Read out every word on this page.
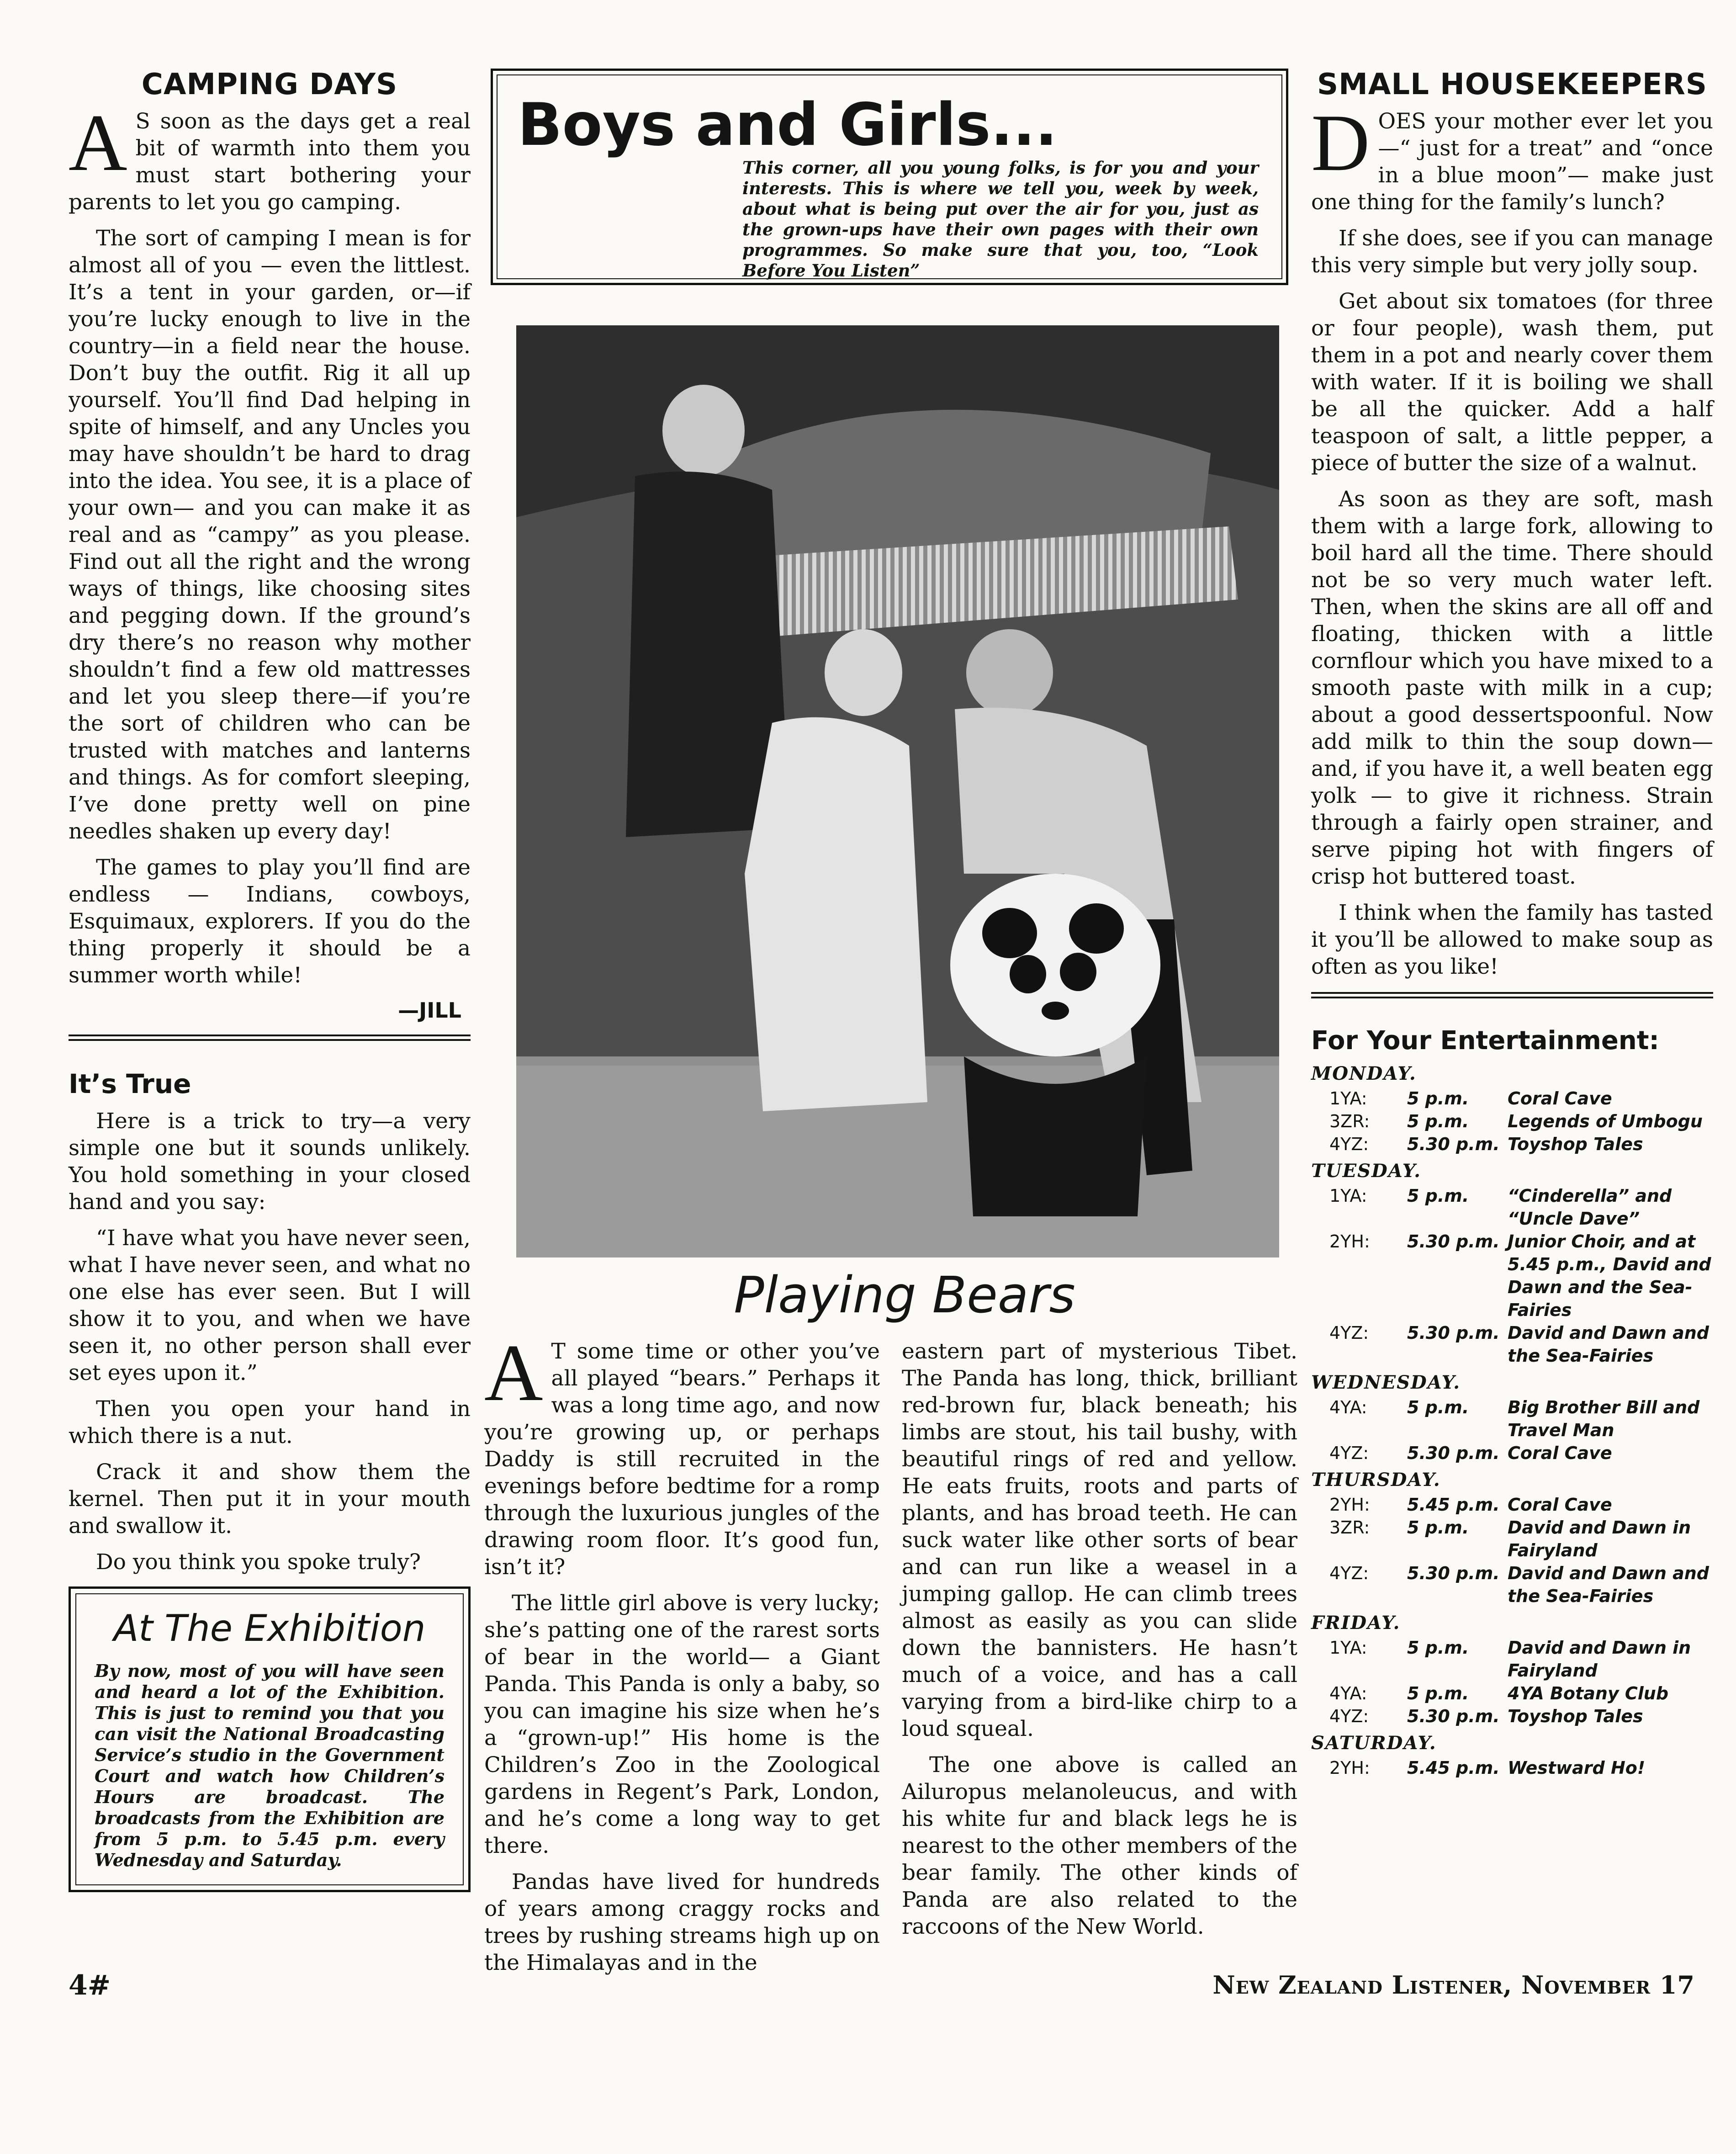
CAMPING DAYS

A S soon as the days get a real bit of warmth into them you must start bothering your parents to let you go camping.

The sort of camping I mean is for almost all of you — even the littlest. It’s a tent in your garden, or—if you’re lucky enough to live in the country—in a field near the house. Don’t buy the outfit. Rig it all up yourself. You’ll find Dad helping in spite of himself, and any Uncles you may have shouldn’t be hard to drag into the idea. You see, it is a place of your own— and you can make it as real and as “campy” as you please. Find out all the right and the wrong ways of things, like choosing sites and pegging down. If the ground’s dry there’s no reason why mother shouldn’t find a few old mattresses and let you sleep there—if you’re the sort of children who can be trusted with matches and lanterns and things. As for comfort sleeping, I’ve done pretty well on pine needles shaken up every day!

The games to play you’ll find are endless — Indians, cowboys, Esquimaux, explorers. If you do the thing properly it should be a summer worth while!

—JILL
It’s True

Here is a trick to try—a very simple one but it sounds unlikely. You hold something in your closed hand and you say:

“I have what you have never seen, what I have never seen, and what no one else has ever seen. But I will show it to you, and when we have seen it, no other person shall ever set eyes upon it.”

Then you open your hand in which there is a nut.

Crack it and show them the kernel. Then put it in your mouth and swallow it.

Do you think you spoke truly?

At The Exhibition

By now, most of you will have seen and heard a lot of the Exhibition. This is just to remind you that you can visit the National Broadcasting Service’s studio in the Government Court and watch how Children’s Hours are broadcast. The broadcasts from the Exhibition are from 5 p.m. to 5.45 p.m. every Wednesday and Saturday.

Boys and Girls...
This corner, all you young folks, is for you and your interests. This is where we tell you, week by week, about what is being put over the air for you, just as the grown-ups have their own pages with their own programmes. So make sure that you, too, “Look Before You Listen”
Playing Bears

A T some time or other you’ve all played “bears.” Perhaps it was a long time ago, and now you’re growing up, or perhaps Daddy is still recruited in the evenings before bedtime for a romp through the luxurious jungles of the drawing room floor. It’s good fun, isn’t it?

The little girl above is very lucky; she’s patting one of the rarest sorts of bear in the world— a Giant Panda. This Panda is only a baby, so you can imagine his size when he’s a “grown-up!” His home is the Children’s Zoo in the Zoological gardens in Regent’s Park, London, and he’s come a long way to get there.

Pandas have lived for hundreds of years among craggy rocks and trees by rushing streams high up on the Himalayas and in the

eastern part of mysterious Tibet. The Panda has long, thick, brilliant red-brown fur, black beneath; his limbs are stout, his tail bushy, with beautiful rings of red and yellow. He eats fruits, roots and parts of plants, and has broad teeth. He can suck water like other sorts of bear and can run like a weasel in a jumping gallop. He can climb trees almost as easily as you can slide down the bannisters. He hasn’t much of a voice, and has a call varying from a bird-like chirp to a loud squeal.

The one above is called an Ailuropus melanoleucus, and with his white fur and black legs he is nearest to the other members of the bear family. The other kinds of Panda are also related to the raccoons of the New World.

SMALL HOUSEKEEPERS

DOES your mother ever let you—“ just for a treat” and “once in a blue moon”— make just one thing for the family’s lunch?

If she does, see if you can manage this very simple but very jolly soup.

Get about six tomatoes (for three or four people), wash them, put them in a pot and nearly cover them with water. If it is boiling we shall be all the quicker. Add a half teaspoon of salt, a little pepper, a piece of butter the size of a walnut.

As soon as they are soft, mash them with a large fork, allowing to boil hard all the time. There should not be so very much water left. Then, when the skins are all off and floating, thicken with a little cornflour which you have mixed to a smooth paste with milk in a cup; about a good dessertspoonful. Now add milk to thin the soup down—and, if you have it, a well beaten egg yolk — to give it richness. Strain through a fairly open strainer, and serve piping hot with fingers of crisp hot buttered toast.

I think when the family has tasted it you’ll be allowed to make soup as often as you like!

For Your Entertainment:
MONDAY.
1YA:	5 p.m.	Coral Cave
3ZR:	5 p.m.	Legends of Umbogu
4YZ:	5.30 p.m. Toyshop Tales
TUESDAY.
1YA:	5 p.m.	“Cinderella” and “Uncle Dave”
2YH:	5.30 p.m. Junior Choir, and at 5.45 p.m., David and Dawn and the Sea-Fairies
4YZ:	5.30 p.m. David and Dawn and the Sea-Fairies
WEDNESDAY.
4YA:	5 p.m.	Big Brother Bill and Travel Man
4YZ:	5.30 p.m. Coral Cave
THURSDAY.
2YH:	5.45 p.m. Coral Cave
3ZR:	5 p.m.	David and Dawn in Fairyland
4YZ:	5.30 p.m. David and Dawn and the Sea-Fairies
FRIDAY.
1YA:	5 p.m.	David and Dawn in Fairyland
4YA:	5 p.m.	4YA Botany Club
4YZ:	5.30 p.m. Toyshop Tales
SATURDAY.
2YH:	5.45 p.m. Westward Ho!
4#	New Zealand Listener, November 17
